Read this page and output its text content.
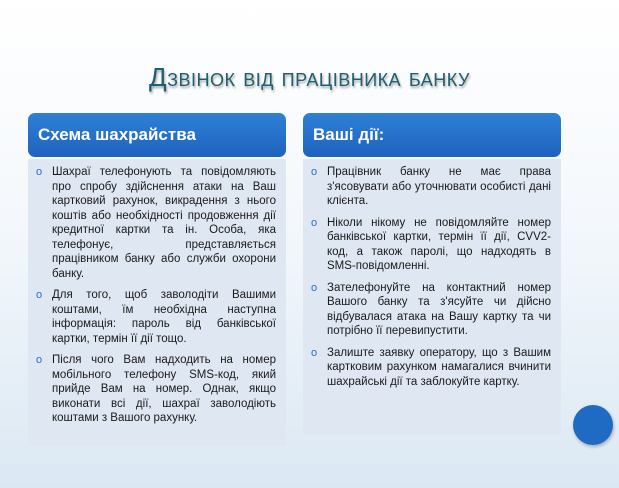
Дзвінок від працівника банку
Схема шахрайства	Ваші дії:
o Шахраї телефонують та повідомляють про спробу здійснення атаки на Ваш картковий рахунок, викрадення з нього коштів або необхідності продовження дії кредитної картки та ін. Особа, яка телефонує, представляється працівником банку або служби охорони банку.
o Для того, щоб заволодіти Вашими коштами, їм необхідна наступна інформація: пароль від банківської картки, термін її дії тощо.
o Після чого Вам надходить на номер мобільного телефону SMS-код, який прийде Вам на номер. Однак, якщо виконати всі дії, шахраї заволодіють коштами з Вашого рахунку.
o Працівник банку не має права з'ясовувати або уточнювати особисті дані клієнта.
o Ніколи нікому не повідомляйте номер банківської картки, термін її дії, CVV2-код, а також паролі, що надходять в SMS-повідомленні.
o Зателефонуйте на контактний номер Вашого банку та з'ясуйте чи дійсно відбувалася атака на Вашу картку та чи потрібно її перевипустити.
o Залиште заявку оператору, що з Вашим картковим рахунком намагалися вчинити шахрайські дії та заблокуйте картку.
